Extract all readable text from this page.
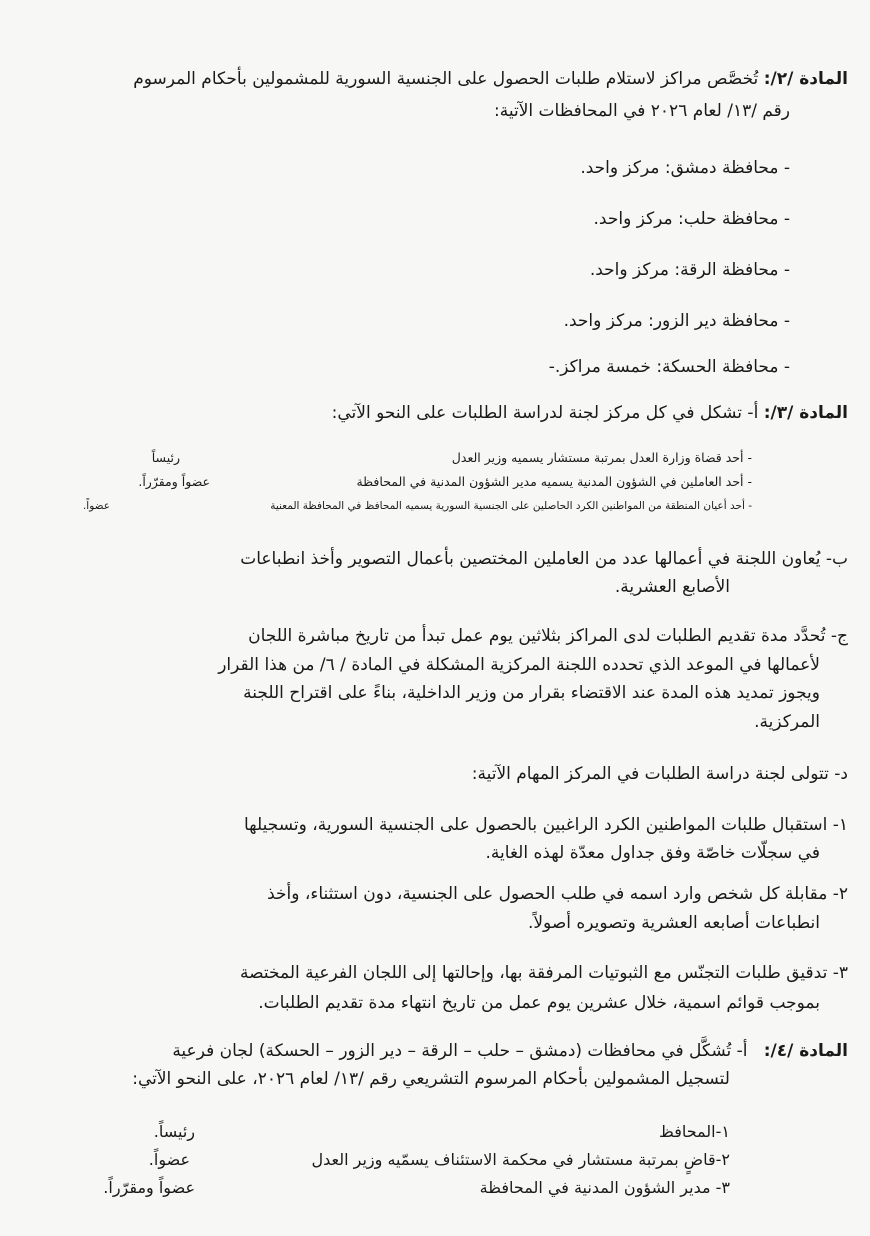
المادة /٢/: تُخصَّص مراكز لاستلام طلبات الحصول على الجنسية السورية للمشمولين بأحكام المرسوم
رقم /١٣/ لعام ٢٠٢٦ في المحافظات الآتية:
- محافظة دمشق: مركز واحد.
- محافظة حلب: مركز واحد.
- محافظة الرقة: مركز واحد.
- محافظة دير الزور: مركز واحد.
- محافظة الحسكة: خمسة مراكز.-
المادة /٣/: أ- تشكل في كل مركز لجنة لدراسة الطلبات على النحو الآتي:
- أحد قضاة وزارة العدل بمرتبة مستشار يسميه وزير العدل
رئيساً
- أحد العاملين في الشؤون المدنية يسميه مدير الشؤون المدنية في المحافظة
عضواً ومقرّراً.
- أحد أعيان المنطقة من المواطنين الكرد الحاصلين على الجنسية السورية يسميه المحافظ في المحافظة المعنية
عضواً.
ب- يُعاون اللجنة في أعمالها عدد من العاملين المختصين بأعمال التصوير وأخذ انطباعات
الأصابع العشرية.
ج- تُحدَّد مدة تقديم الطلبات لدى المراكز بثلاثين يوم عمل تبدأ من تاريخ مباشرة اللجان
لأعمالها في الموعد الذي تحدده اللجنة المركزية المشكلة في المادة / ٦/ من هذا القرار
ويجوز تمديد هذه المدة عند الاقتضاء بقرار من وزير الداخلية، بناءً على اقتراح اللجنة
المركزية.
د- تتولى لجنة دراسة الطلبات في المركز المهام الآتية:
١- استقبال طلبات المواطنين الكرد الراغبين بالحصول على الجنسية السورية، وتسجيلها
في سجلّات خاصّة وفق جداول معدّة لهذه الغاية.
٢- مقابلة كل شخص وارد اسمه في طلب الحصول على الجنسية، دون استثناء، وأخذ
انطباعات أصابعه العشرية وتصويره أصولاً.
٣- تدقيق طلبات التجنّس مع الثبوتيات المرفقة بها، وإحالتها إلى اللجان الفرعية المختصة
بموجب قوائم اسمية، خلال عشرين يوم عمل من تاريخ انتهاء مدة تقديم الطلبات.
المادة /٤/:   أ- تُشكَّل في محافظات (دمشق – حلب – الرقة – دير الزور – الحسكة) لجان فرعية
لتسجيل المشمولين بأحكام المرسوم التشريعي رقم /١٣/ لعام ٢٠٢٦، على النحو الآتي:
١-المحافظ
رئيساً.
٢-قاضٍ بمرتبة مستشار في محكمة الاستئناف يسمّيه وزير العدل
عضواً.
٣- مدير الشؤون المدنية في المحافظة
عضواً ومقرّراً.
